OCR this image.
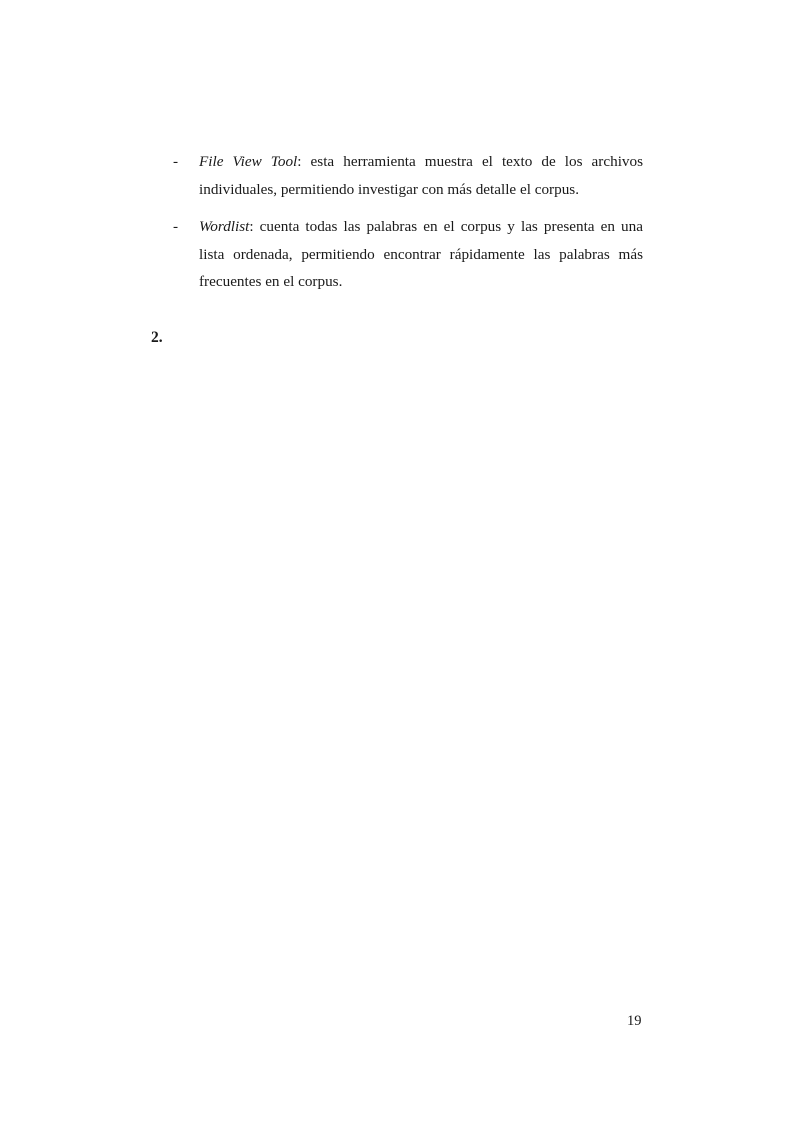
- File View Tool: esta herramienta muestra el texto de los archivos individuales, permitiendo investigar con más detalle el corpus.
- Wordlist: cuenta todas las palabras en el corpus y las presenta en una lista ordenada, permitiendo encontrar rápidamente las palabras más frecuentes en el corpus.
2.
19
